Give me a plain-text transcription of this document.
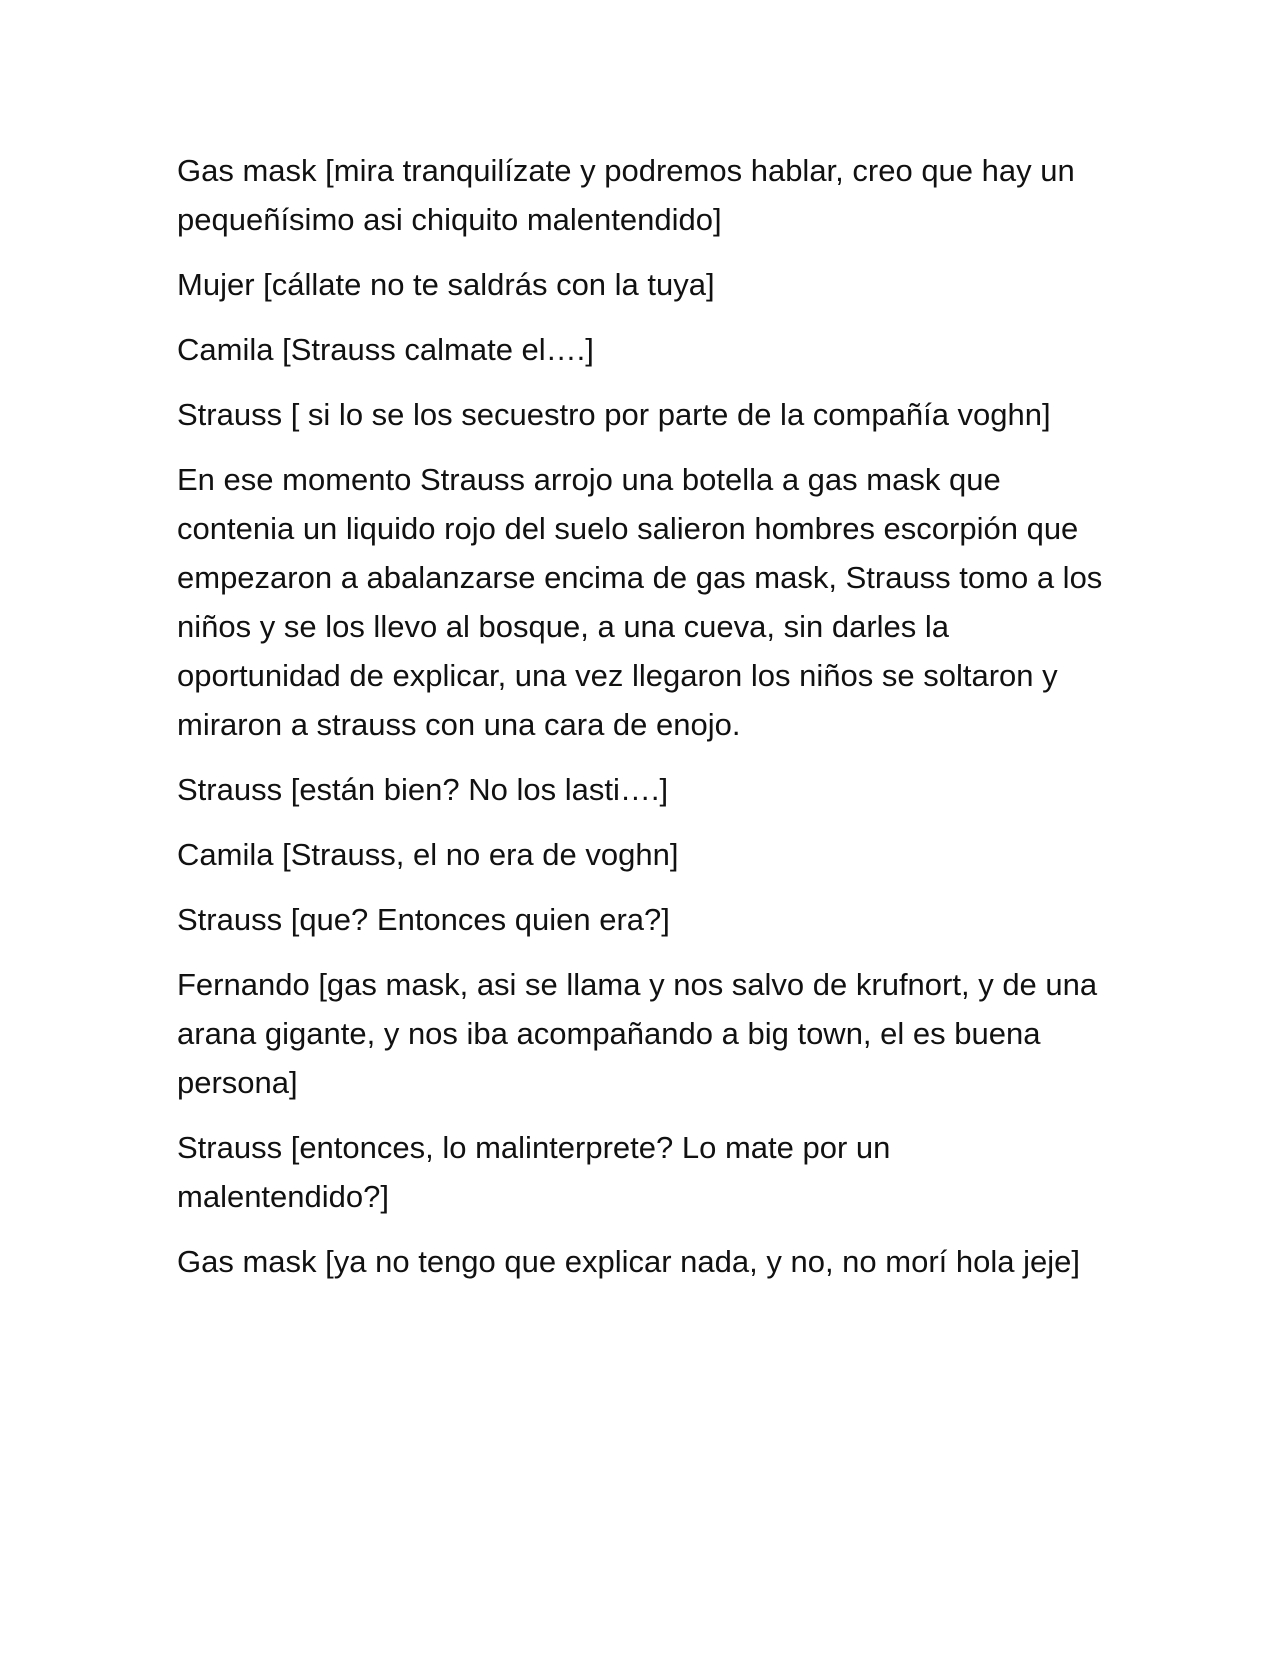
Gas mask [mira tranquilízate y podremos hablar, creo que hay un pequeñísimo asi chiquito malentendido]

Mujer [cállate no te saldrás con la tuya]

Camila [Strauss calmate el….]

Strauss [ si lo se los secuestro por parte de la compañía voghn]

En ese momento Strauss arrojo una botella a gas mask que contenia un liquido rojo del suelo salieron hombres escorpión que empezaron a abalanzarse encima de gas mask, Strauss tomo a los niños y se los llevo al bosque, a una cueva, sin darles la oportunidad de explicar, una vez llegaron los niños se soltaron y miraron a strauss con una cara de enojo.

Strauss [están bien? No los lasti….]

Camila [Strauss, el no era de voghn]

Strauss [que? Entonces quien era?]

Fernando [gas mask, asi se llama y nos salvo de krufnort, y de una arana gigante, y nos iba acompañando a big town, el es buena persona]

Strauss [entonces, lo malinterprete? Lo mate por un malentendido?]

Gas mask [ya no tengo que explicar nada, y no, no morí hola jeje]
